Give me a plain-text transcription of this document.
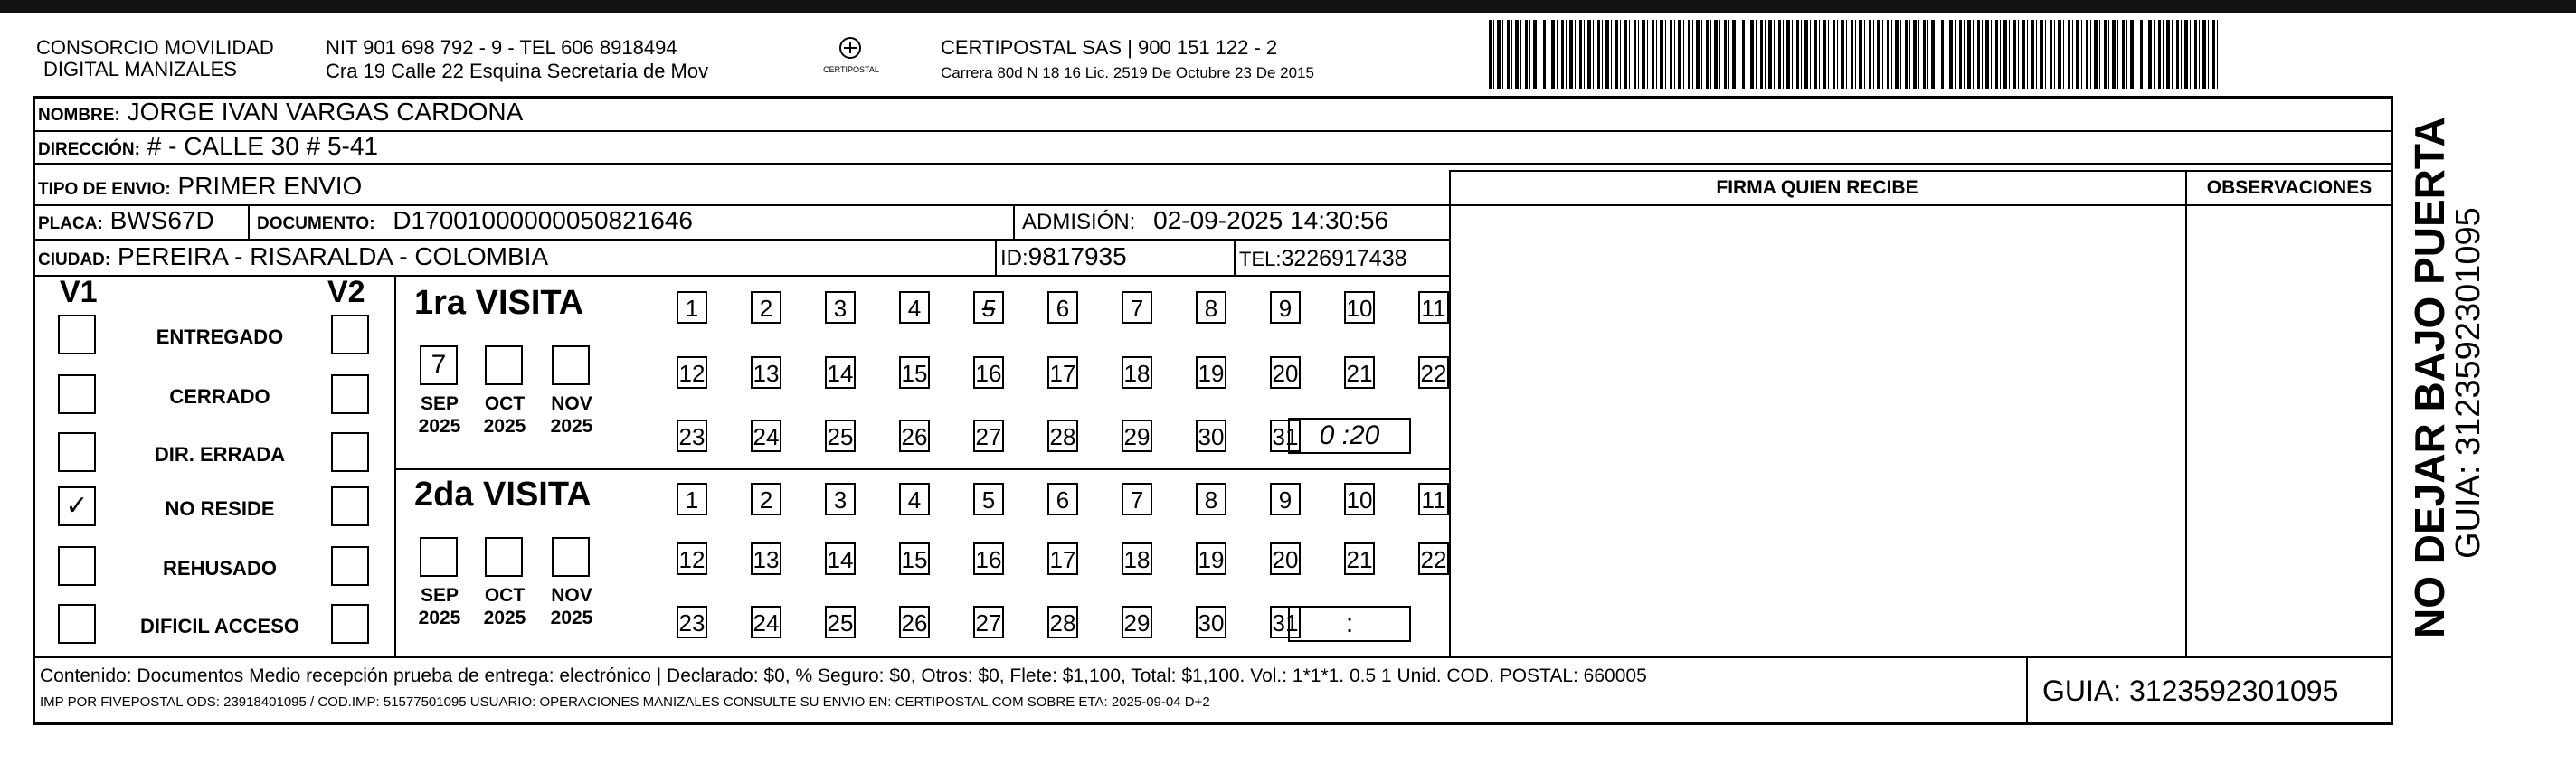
CONSORCIO MOVILIDAD
DIGITAL MANIZALES
NIT 901 698 792 - 9 - TEL 606 8918494
Cra 19 Calle 22 Esquina Secretaria de Mov	CERTIPOSTAL
CERTIPOSTAL SAS | 900 151 122 - 2
Carrera 80d N 18 16 Lic. 2519 De Octubre 23 De 2015
NOMBRE: JORGE IVAN VARGAS CARDONA
DIRECCIÓN: # - CALLE 30 # 5-41
TIPO DE ENVIO: PRIMER ENVIO
PLACA: BWS67D DOCUMENTO: D17001000000050821646	ADMISIÓN: 02-09-2025 14:30:56
CIUDAD: PEREIRA - RISARALDA - COLOMBIA	ID:9817935	TEL:3226917438
FIRMA QUIEN RECIBE	OBSERVACIONES
V1	V2
ENTREGADO
CERRADO
DIR. ERRADA
✓	NO RESIDE
REHUSADO
DIFICIL ACCESO
1ra VISITA
7
SEP
2025
OCT
2025
NOV
2025
1	2	3	4	5	6	7	8	9	10 11
12 13 14 15 16 17 18 19 20 21 22
23 24 25 26 27 28 29 30 31 0 :20
2da VISITA
SEP
2025
OCT
2025
NOV
2025
1	2	3	4	5	6	7	8	9	10 11
12 13 14 15 16 17 18 19 20 21 22
23 24 25 26 27 28 29 30 31	:
Contenido: Documentos Medio recepción prueba de entrega: electrónico | Declarado: $0, % Seguro: $0, Otros: $0, Flete: $1,100, Total: $1,100. Vol.: 1*1*1. 0.5 1 Unid. COD. POSTAL: 660005
IMP POR FIVEPOSTAL ODS: 23918401095 / COD.IMP: 51577501095 USUARIO: OPERACIONES MANIZALES CONSULTE SU ENVIO EN: CERTIPOSTAL.COM SOBRE ETA: 2025-09-04 D+2	GUIA: 3123592301095
NO DEJAR BAJO PUERTA
GUIA: 3123592301095
